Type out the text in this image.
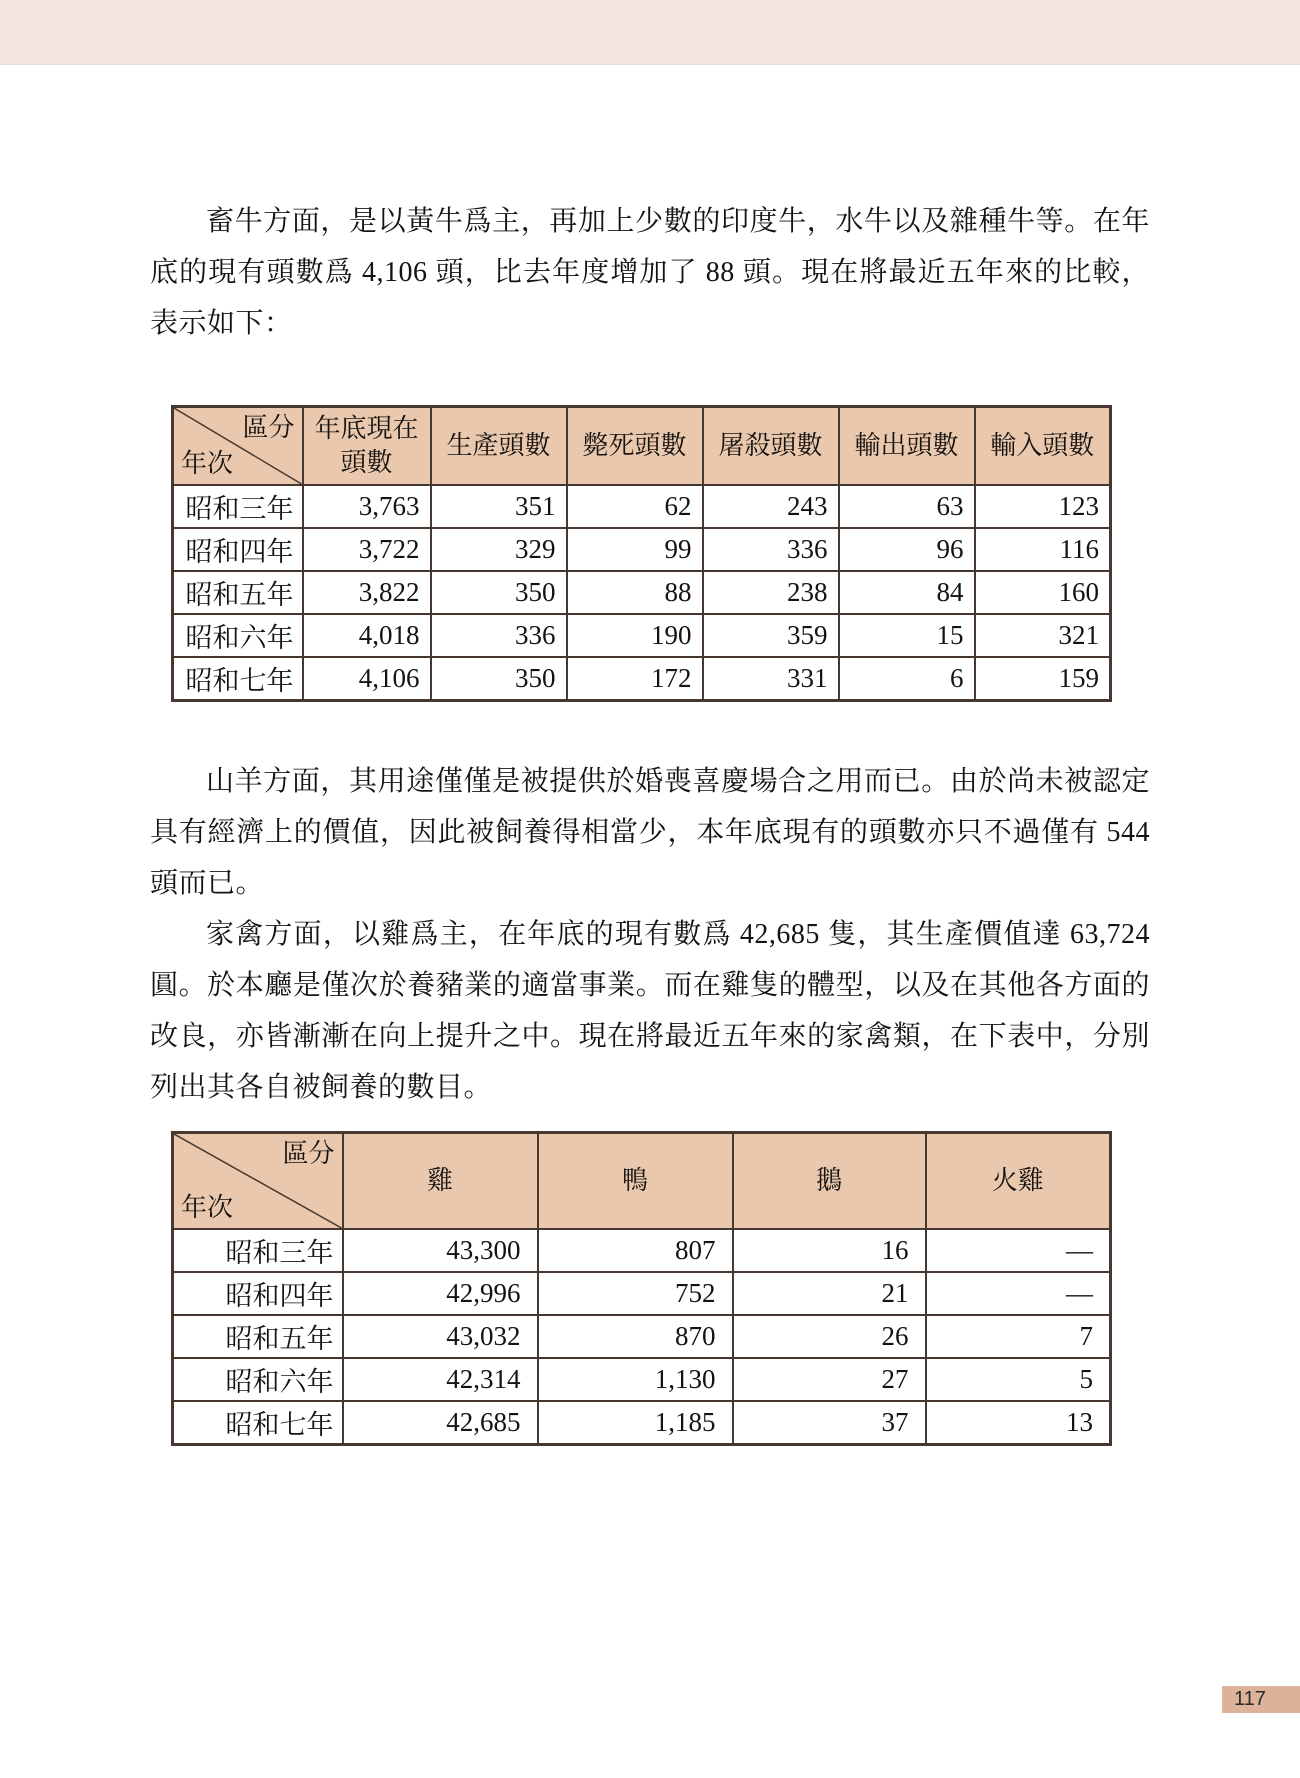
畜牛方面，是以黃牛爲主，再加上少數的印度牛，水牛以及雜種牛等。在年底的現有頭數爲 4,106 頭，比去年度增加了 88 頭。現在將最近五年來的比較，表示如下：

區分
年次	年底現在頭數	生產頭數	斃死頭數	屠殺頭數	輸出頭數	輸入頭數
昭和三年	3,763	351	62	243	63	123
昭和四年	3,722	329	99	336	96	116
昭和五年	3,822	350	88	238	84	160
昭和六年	4,018	336	190	359	15	321
昭和七年	4,106	350	172	331	6	159

山羊方面，其用途僅僅是被提供於婚喪喜慶場合之用而已。由於尚未被認定具有經濟上的價值，因此被飼養得相當少，本年底現有的頭數亦只不過僅有 544 頭而已。

家禽方面，以雞爲主，在年底的現有數爲 42,685 隻，其生產價值達 63,724 圓。於本廳是僅次於養豬業的適當事業。而在雞隻的體型，以及在其他各方面的改良，亦皆漸漸在向上提升之中。現在將最近五年來的家禽類，在下表中，分別列出其各自被飼養的數目。

區分
年次	雞	鴨	鵝	火雞
昭和三年	43,300	807	16	—
昭和四年	42,996	752	21	—
昭和五年	43,032	870	26	7
昭和六年	42,314	1,130	27	5
昭和七年	42,685	1,185	37	13
117
